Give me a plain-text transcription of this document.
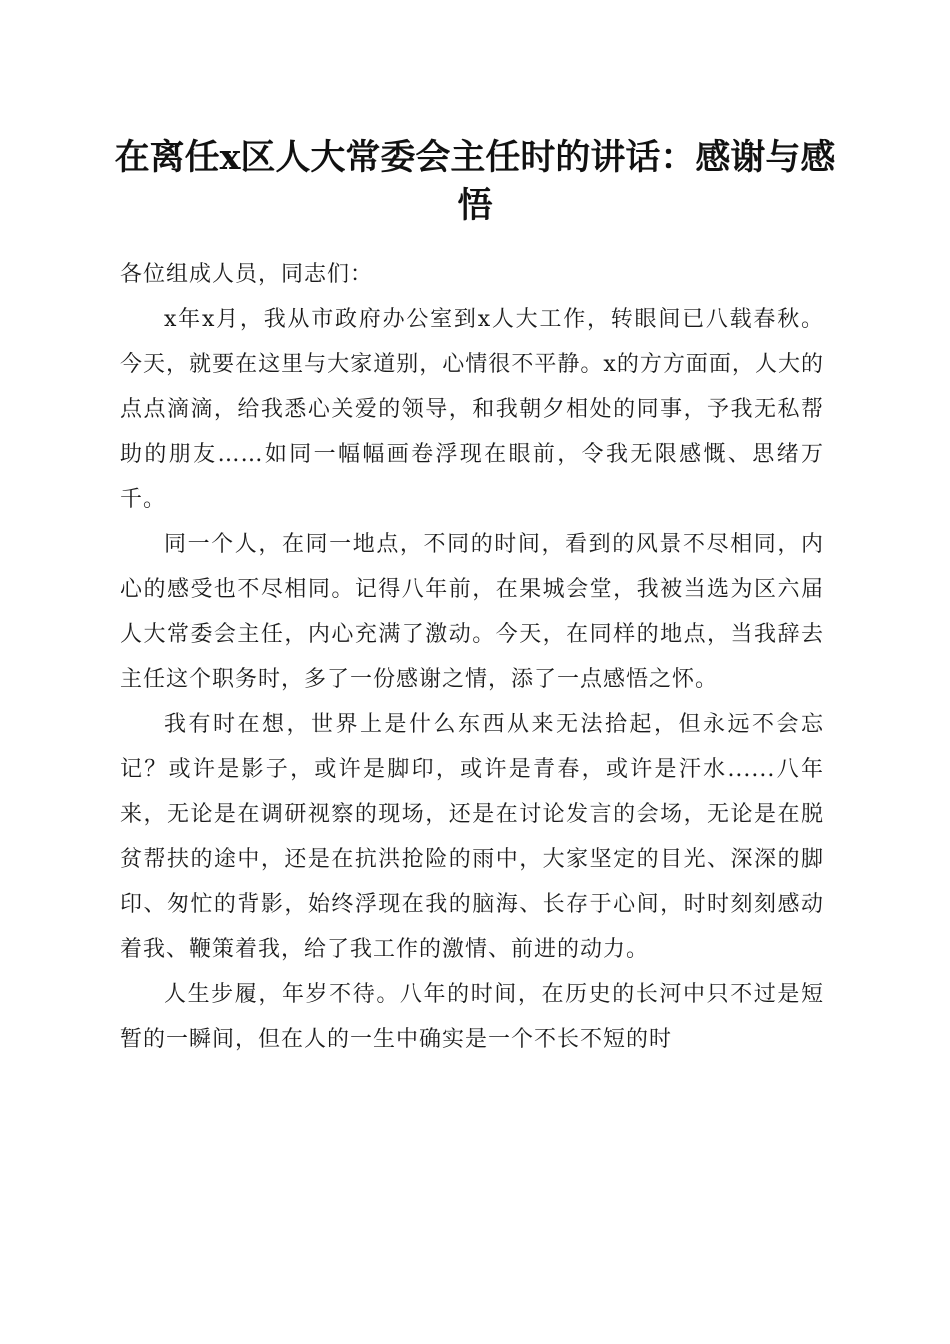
在离任x区人大常委会主任时的讲话：感谢与感悟

各位组成人员，同志们：

x年x月，我从市政府办公室到x人大工作，转眼间已八载春秋。今天，就要在这里与大家道别，心情很不平静。x的方方面面，人大的点点滴滴，给我悉心关爱的领导，和我朝夕相处的同事，予我无私帮助的朋友……如同一幅幅画卷浮现在眼前，令我无限感慨、思绪万千。

同一个人，在同一地点，不同的时间，看到的风景不尽相同，内心的感受也不尽相同。记得八年前，在果城会堂，我被当选为区六届人大常委会主任，内心充满了激动。今天，在同样的地点，当我辞去主任这个职务时，多了一份感谢之情，添了一点感悟之怀。

我有时在想，世界上是什么东西从来无法拾起，但永远不会忘记？或许是影子，或许是脚印，或许是青春，或许是汗水......八年来，无论是在调研视察的现场，还是在讨论发言的会场，无论是在脱贫帮扶的途中，还是在抗洪抢险的雨中，大家坚定的目光、深深的脚印、匆忙的背影，始终浮现在我的脑海、长存于心间，时时刻刻感动着我、鞭策着我，给了我工作的激情、前进的动力。

人生步履，年岁不待。八年的时间，在历史的长河中只不过是短暂的一瞬间，但在人的一生中确实是一个不长不短的时
